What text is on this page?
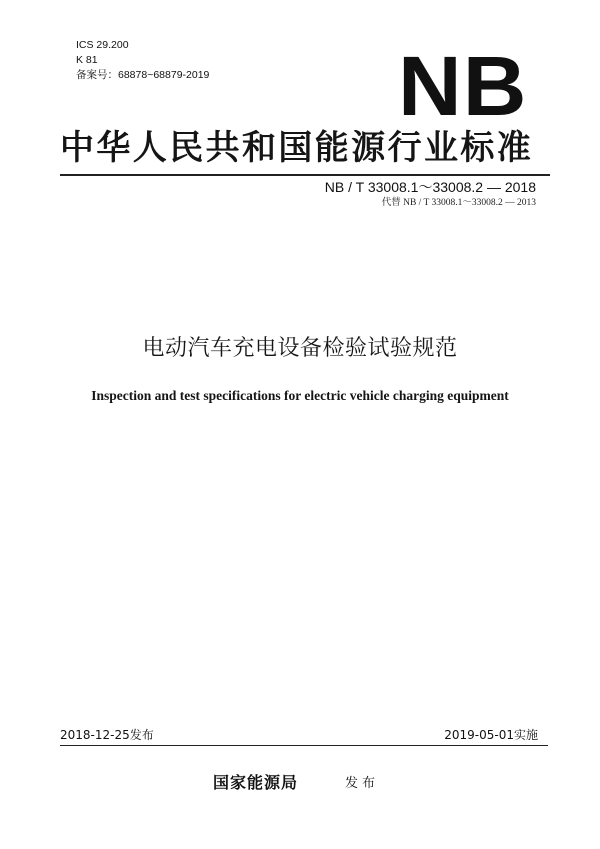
ICS 29.200
K 81
备案号：68878~68879-2019 NB
中华人民共和国能源行业标准
NB / T 33008.1～33008.2 — 2018
代替 NB / T 33008.1～33008.2 — 2013
电动汽车充电设备检验试验规范
Inspection and test specifications for electric vehicle charging equipment
2018-12-25发布	2019-05-01实施
国家能源局	发布
